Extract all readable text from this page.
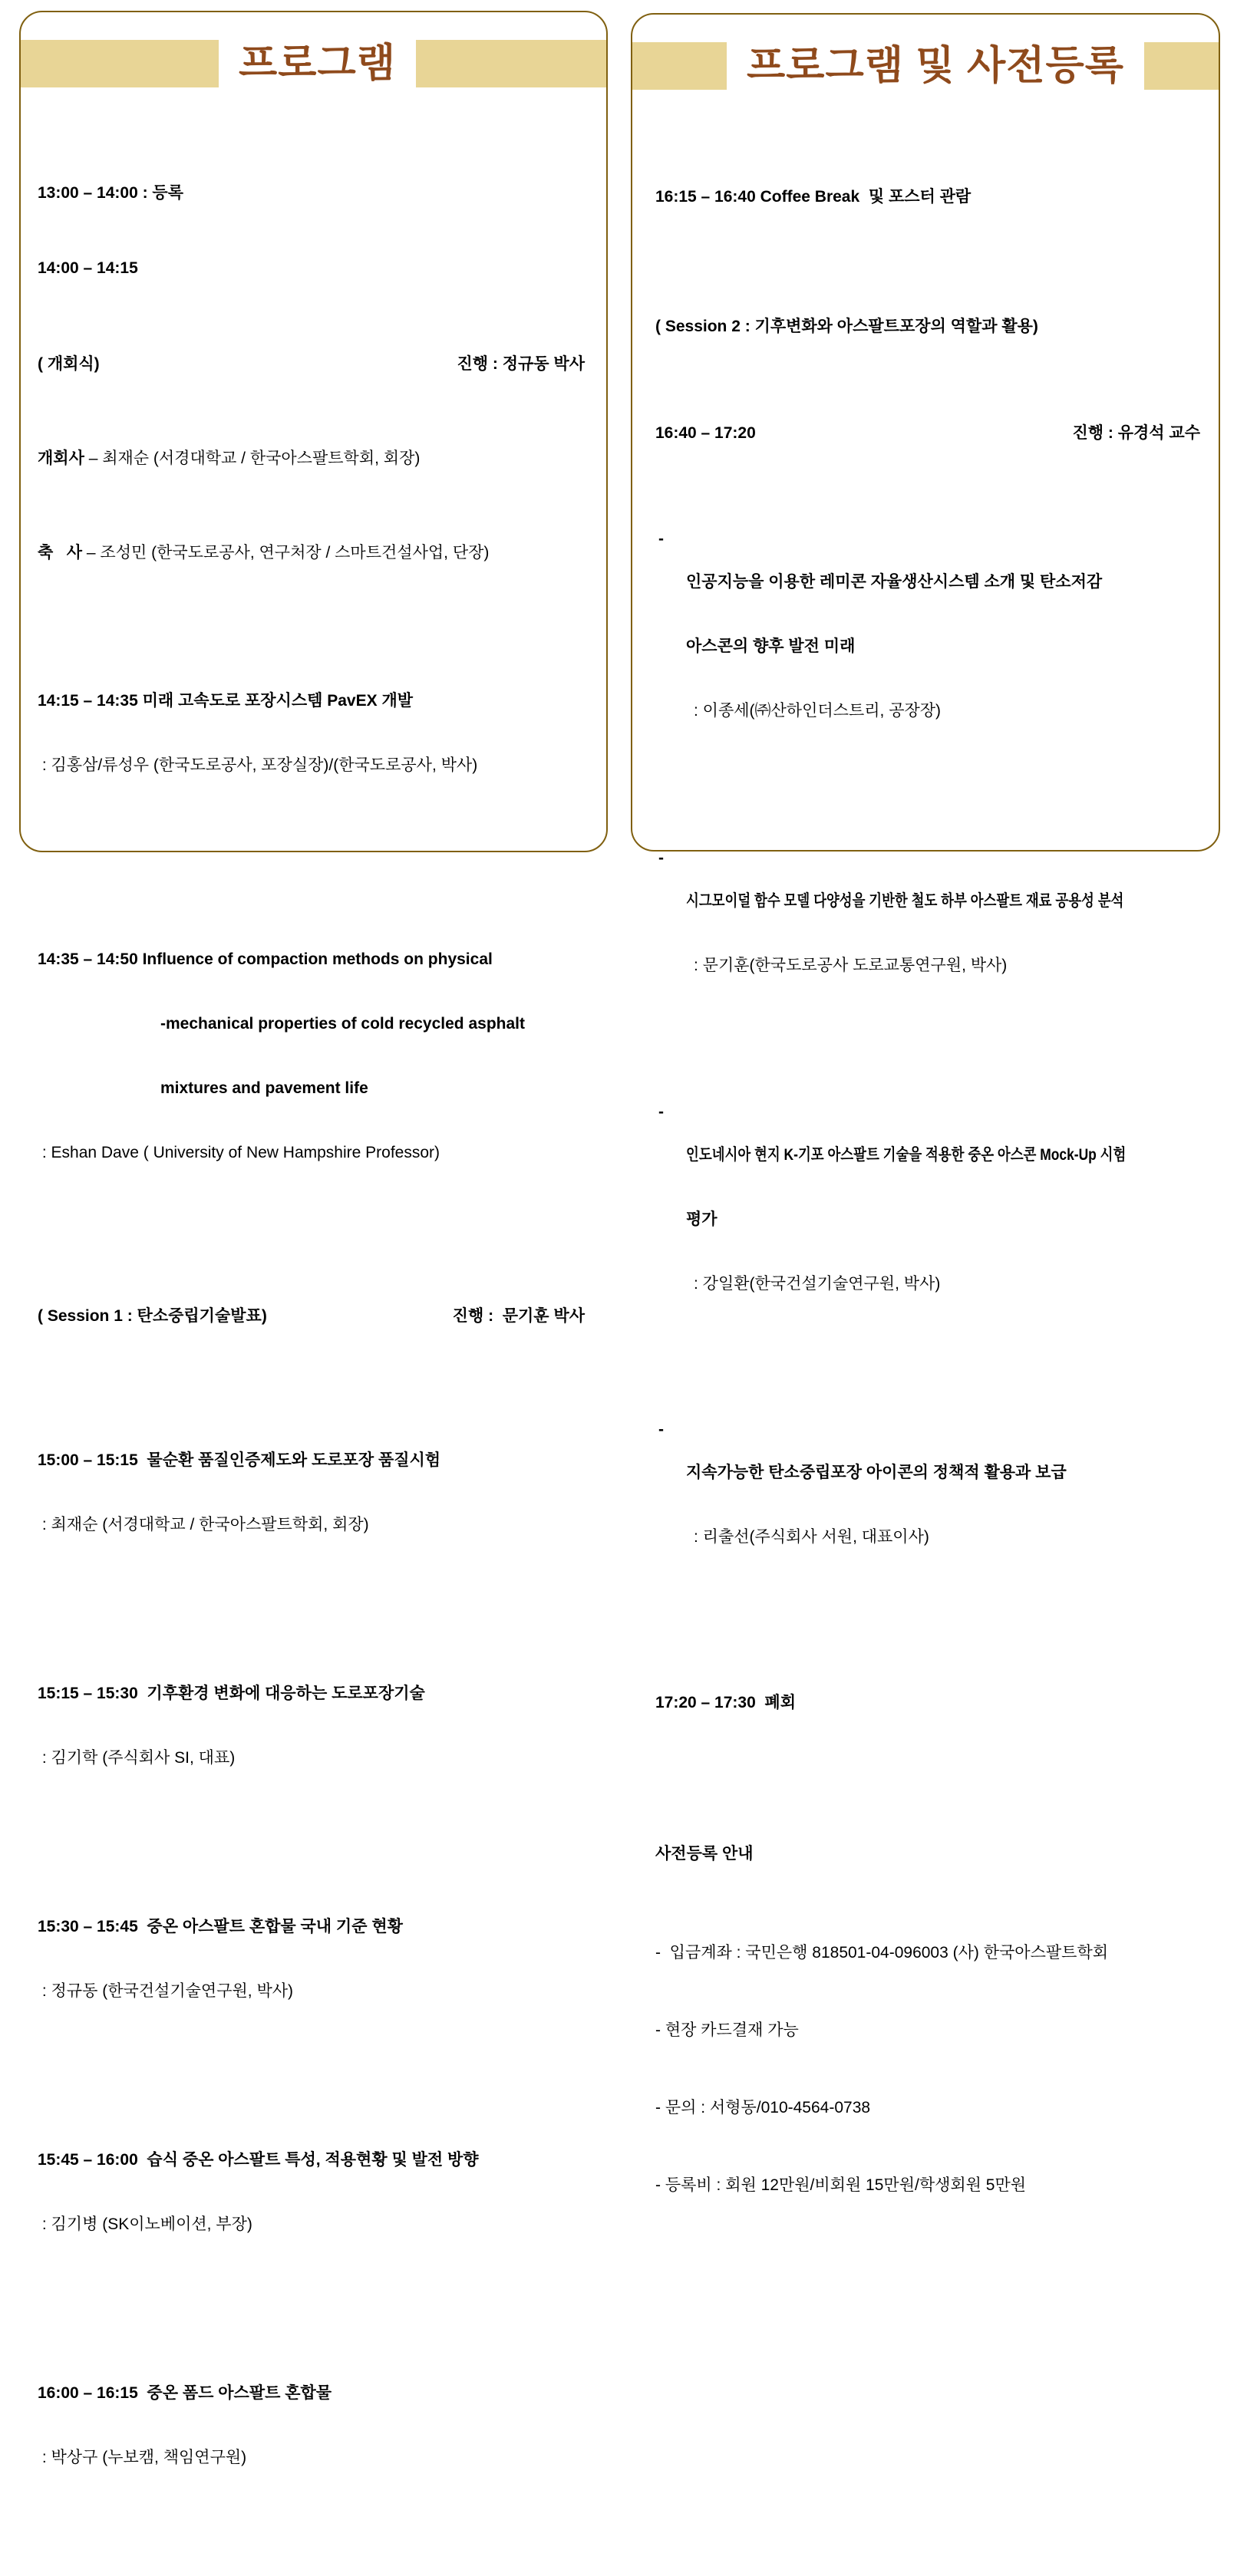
프로그램

13:00 – 14:00 : 등록

14:00 – 14:15

( 개회식)	진행 : 정규동 박사

개회사 – 최재순 (서경대학교 / 한국아스팔트학회, 회장)

축   사 – 조성민 (한국도로공사, 연구처장 / 스마트건설사업, 단장)

14:15 – 14:35 미래 고속도로 포장시스템 PavEX 개발

: 김홍삼/류성우 (한국도로공사, 포장실장)/(한국도로공사, 박사)

14:35 – 14:50 Influence of compaction methods on physical

-mechanical properties of cold recycled asphalt

mixtures and pavement life

: Eshan Dave ( University of New Hampshire Professor)

( Session 1 : 탄소중립기술발표)	진행 :  문기훈 박사

15:00 – 15:15  물순환 품질인증제도와 도로포장 품질시험

: 최재순 (서경대학교 / 한국아스팔트학회, 회장)

15:15 – 15:30  기후환경 변화에 대응하는 도로포장기술

: 김기학 (주식회사 SI, 대표)

15:30 – 15:45  중온 아스팔트 혼합물 국내 기준 현황

: 정규동 (한국건설기술연구원, 박사)

15:45 – 16:00  습식 중온 아스팔트 특성, 적용현황 및 발전 방향

: 김기병 (SK이노베이션, 부장)

16:00 – 16:15  중온 폼드 아스팔트 혼합물

: 박상구 (누보캠, 책임연구원)

프로그램 및 사전등록

16:15 – 16:40 Coffee Break  및 포스터 관람

( Session 2 : 기후변화와 아스팔트포장의 역할과 활용)

16:40 – 17:20	진행 : 유경석 교수

-

인공지능을 이용한 레미콘 자율생산시스템 소개 및 탄소저감

아스콘의 향후 발전 미래

: 이종세(㈜산하인더스트리, 공장장)

-

시그모이덜 함수 모델 다양성을 기반한 철도 하부 아스팔트 재료 공용성 분석

: 문기훈(한국도로공사 도로교통연구원, 박사)

-

인도네시아 현지 K-기포 아스팔트 기술을 적용한 중온 아스콘 Mock-Up 시험

평가

: 강일환(한국건설기술연구원, 박사)

-

지속가능한 탄소중립포장 아이콘의 정책적 활용과 보급

: 리출선(주식회사 서원, 대표이사)

17:20 – 17:30  폐회

사전등록 안내

-  입금계좌 : 국민은행 818501-04-096003 (사) 한국아스팔트학회

- 현장 카드결재 가능

- 문의 : 서형동/010-4564-0738

- 등록비 : 회원 12만원/비회원 15만원/학생회원 5만원
